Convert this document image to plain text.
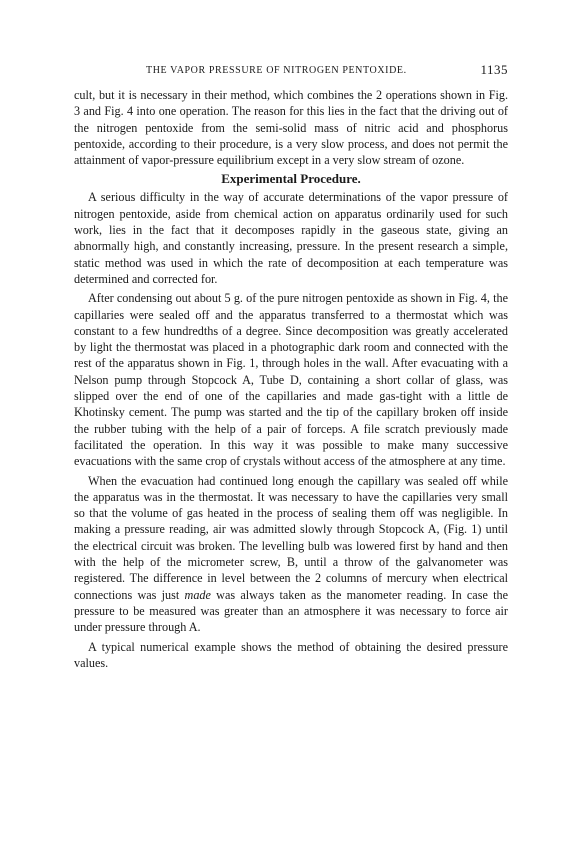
THE VAPOR PRESSURE OF NITROGEN PENTOXIDE.	1135

cult, but it is necessary in their method, which combines the 2 operations shown in Fig. 3 and Fig. 4 into one operation. The reason for this lies in the fact that the driving out of the nitrogen pentoxide from the semi-solid mass of nitric acid and phosphorus pentoxide, according to their procedure, is a very slow process, and does not permit the attainment of vapor-pressure equilibrium except in a very slow stream of ozone.

Experimental Procedure.

A serious difficulty in the way of accurate determinations of the vapor pressure of nitrogen pentoxide, aside from chemical action on apparatus ordinarily used for such work, lies in the fact that it decomposes rapidly in the gaseous state, giving an abnormally high, and constantly increasing, pressure. In the present research a simple, static method was used in which the rate of decomposition at each temperature was determined and corrected for.

After condensing out about 5 g. of the pure nitrogen pentoxide as shown in Fig. 4, the capillaries were sealed off and the apparatus transferred to a thermostat which was constant to a few hundredths of a degree. Since decomposition was greatly accelerated by light the thermostat was placed in a photographic dark room and connected with the rest of the apparatus shown in Fig. 1, through holes in the wall. After evacuating with a Nelson pump through Stopcock A, Tube D, containing a short collar of glass, was slipped over the end of one of the capillaries and made gas-tight with a little de Khotinsky cement. The pump was started and the tip of the capillary broken off inside the rubber tubing with the help of a pair of forceps. A file scratch previously made facilitated the operation. In this way it was possible to make many successive evacuations with the same crop of crystals without access of the atmosphere at any time.

When the evacuation had continued long enough the capillary was sealed off while the apparatus was in the thermostat. It was necessary to have the capillaries very small so that the volume of gas heated in the process of sealing them off was negligible. In making a pressure reading, air was admitted slowly through Stopcock A, (Fig. 1) until the electrical circuit was broken. The levelling bulb was lowered first by hand and then with the help of the micrometer screw, B, until a throw of the galvanometer was registered. The difference in level between the 2 columns of mercury when electrical connections was just made was always taken as the manometer reading. In case the pressure to be measured was greater than an atmosphere it was necessary to force air under pressure through A.

A typical numerical example shows the method of obtaining the desired pressure values.
